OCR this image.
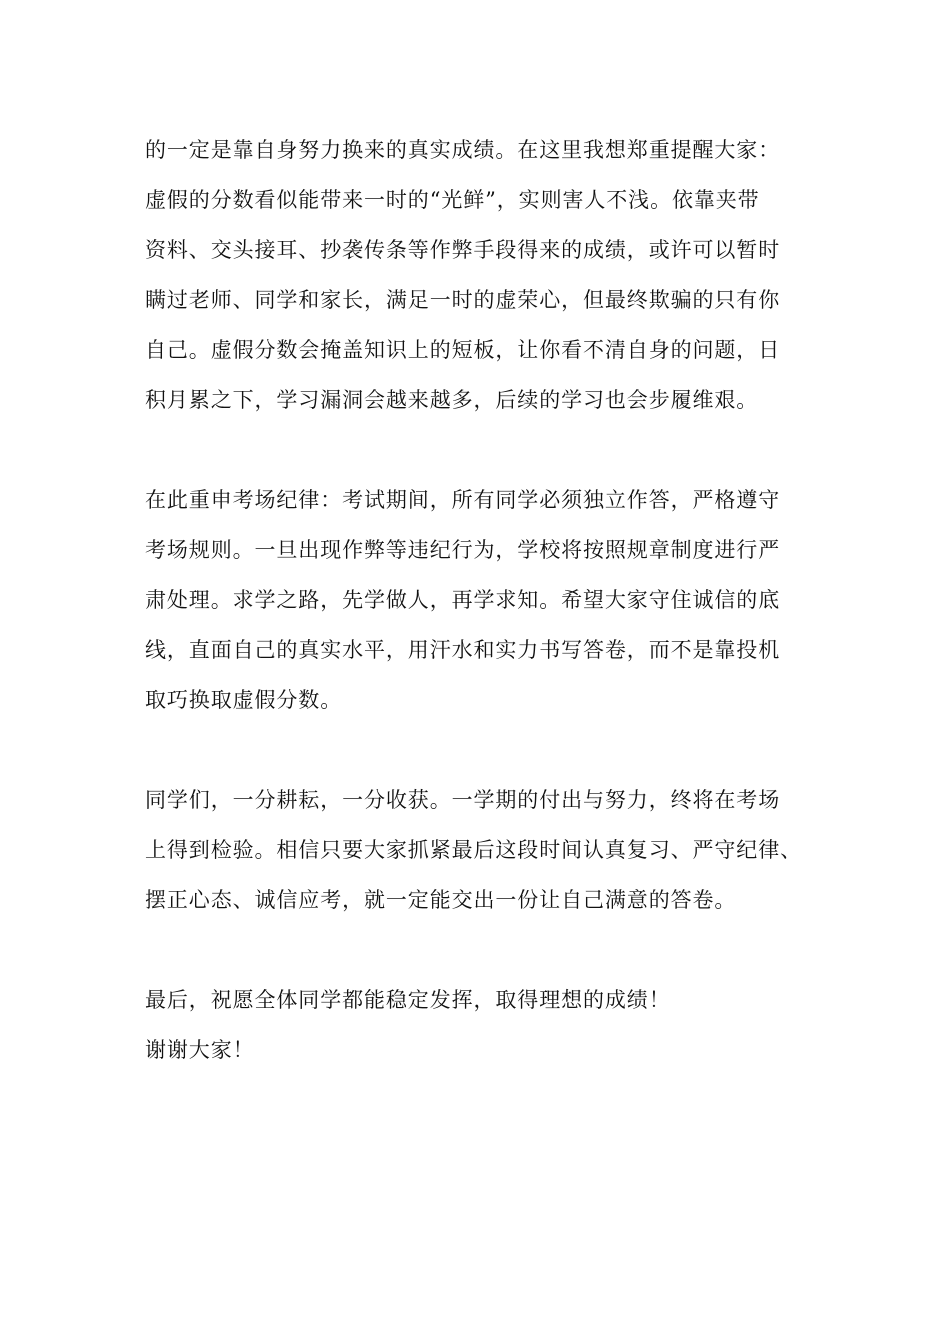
的一定是靠自身努力换来的真实成绩。在这里我想郑重提醒大家：
虚假的分数看似能带来一时的“光鲜”，实则害人不浅。依靠夹带
资料、交头接耳、抄袭传条等作弊手段得来的成绩，或许可以暂时
瞒过老师、同学和家长，满足一时的虚荣心，但最终欺骗的只有你
自己。虚假分数会掩盖知识上的短板，让你看不清自身的问题，日
积月累之下，学习漏洞会越来越多，后续的学习也会步履维艰。
在此重申考场纪律：考试期间，所有同学必须独立作答，严格遵守
考场规则。一旦出现作弊等违纪行为，学校将按照规章制度进行严
肃处理。求学之路，先学做人，再学求知。希望大家守住诚信的底
线，直面自己的真实水平，用汗水和实力书写答卷，而不是靠投机
取巧换取虚假分数。
同学们，一分耕耘，一分收获。一学期的付出与努力，终将在考场
上得到检验。相信只要大家抓紧最后这段时间认真复习、严守纪律、
摆正心态、诚信应考，就一定能交出一份让自己满意的答卷。
最后，祝愿全体同学都能稳定发挥，取得理想的成绩！
谢谢大家！
